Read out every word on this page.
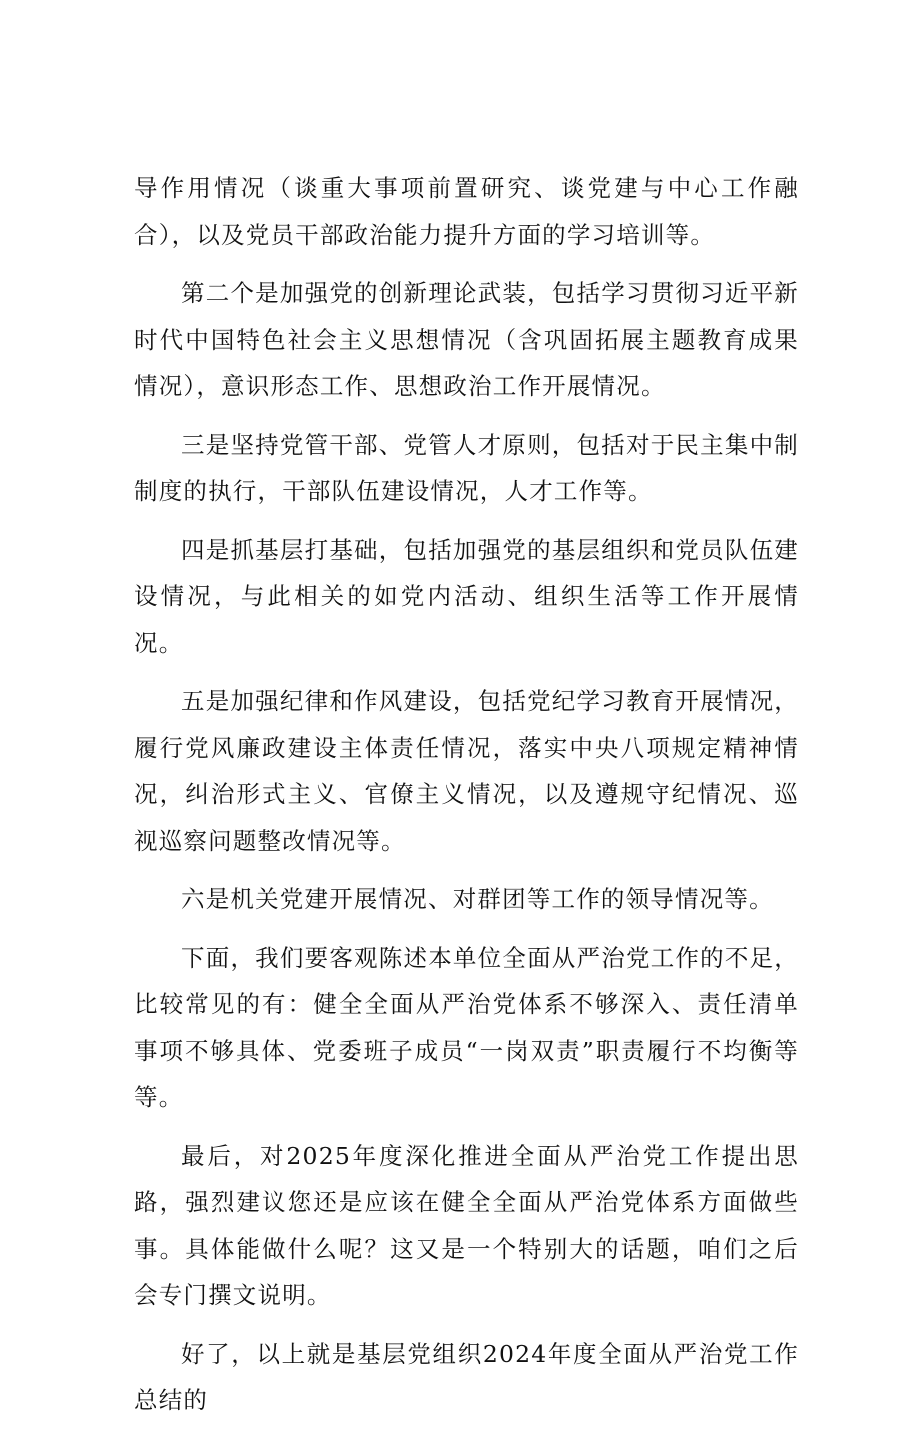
导作用情况（谈重大事项前置研究、谈党建与中心工作融合），以及党员干部政治能力提升方面的学习培训等。

第二个是加强党的创新理论武装，包括学习贯彻习近平新时代中国特色社会主义思想情况（含巩固拓展主题教育成果情况），意识形态工作、思想政治工作开展情况。

三是坚持党管干部、党管人才原则，包括对于民主集中制制度的执行，干部队伍建设情况，人才工作等。

四是抓基层打基础，包括加强党的基层组织和党员队伍建设情况，与此相关的如党内活动、组织生活等工作开展情况。

五是加强纪律和作风建设，包括党纪学习教育开展情况，履行党风廉政建设主体责任情况，落实中央八项规定精神情况，纠治形式主义、官僚主义情况，以及遵规守纪情况、巡视巡察问题整改情况等。

六是机关党建开展情况、对群团等工作的领导情况等。

下面，我们要客观陈述本单位全面从严治党工作的不足，比较常见的有：健全全面从严治党体系不够深入、责任清单事项不够具体、党委班子成员“一岗双责”职责履行不均衡等等。

最后，对2025年度深化推进全面从严治党工作提出思路，强烈建议您还是应该在健全全面从严治党体系方面做些事。具体能做什么呢？这又是一个特别大的话题，咱们之后会专门撰文说明。

好了，以上就是基层党组织2024年度全面从严治党工作总结的
